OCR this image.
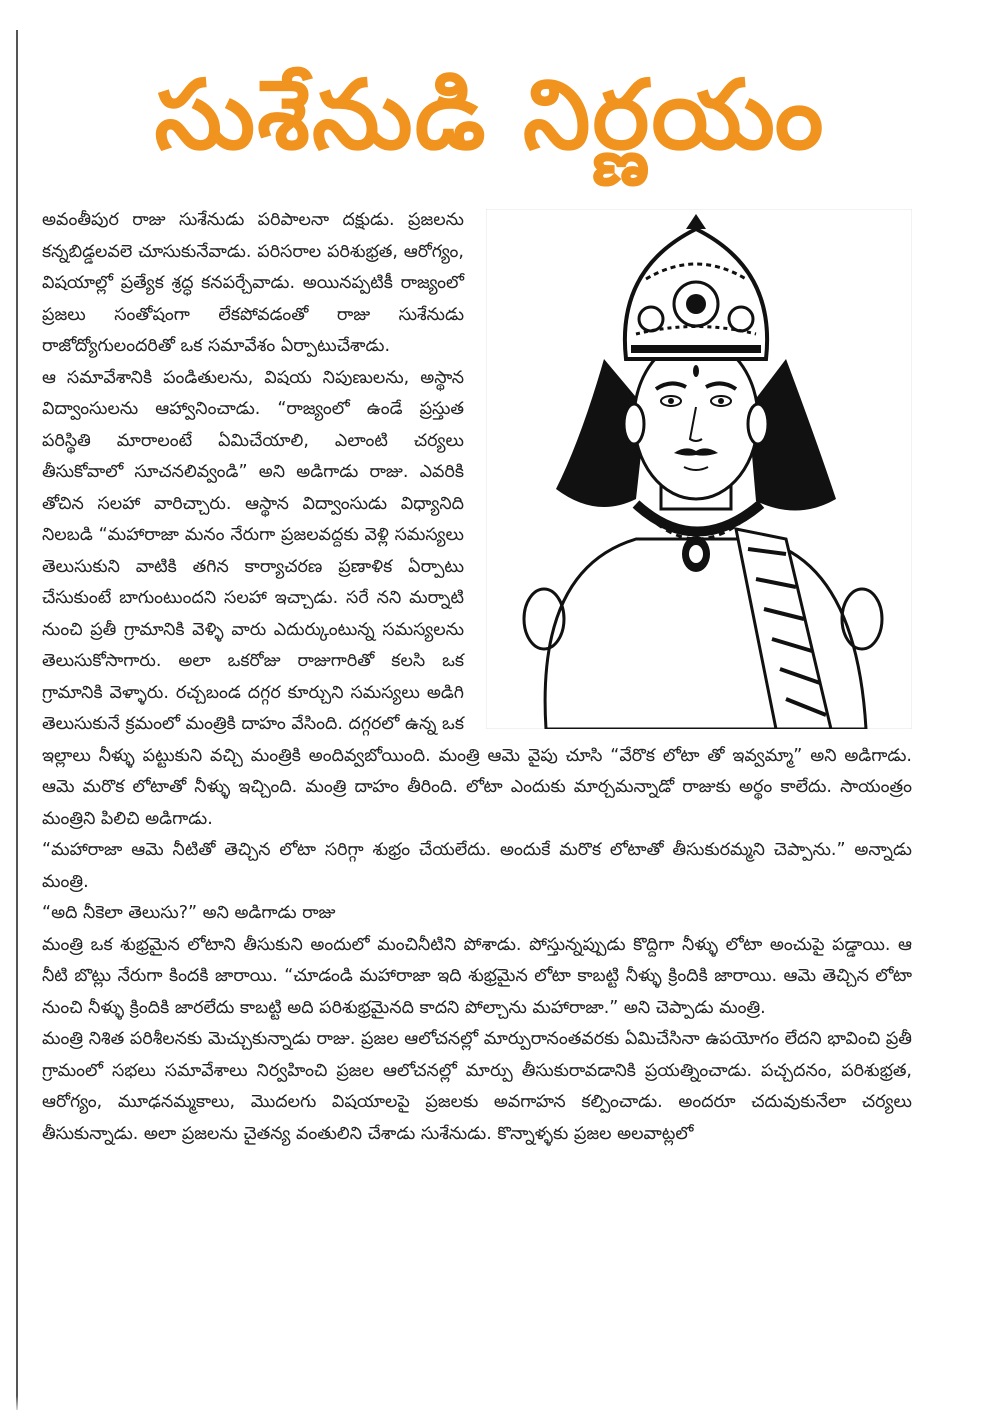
సుశేనుడి నిర్ణయం

అవంతీపుర రాజు సుశేనుడు పరిపాలనా దక్షుడు. ప్రజలను కన్నబిడ్డలవలె చూసుకునేవాడు. పరిసరాల పరిశుభ్రత, ఆరోగ్యం, విషయాల్లో ప్రత్యేక శ్రద్ధ కనపర్చేవాడు. అయినప్పటికీ రాజ్యంలో ప్రజలు సంతోషంగా లేకపోవడంతో రాజు సుశేనుడు రాజోద్యోగులందరితో ఒక సమావేశం ఏర్పాటుచేశాడు.

ఆ సమావేశానికి పండితులను, విషయ నిపుణులను, అస్థాన విద్వాంసులను ఆహ్వానించాడు. “రాజ్యంలో ఉండే ప్రస్తుత పరిస్థితి మారాలంటే ఏమిచేయాలి, ఎలాంటి చర్యలు తీసుకోవాలో సూచనలివ్వండి” అని అడిగాడు రాజు. ఎవరికి తోచిన సలహా వారిచ్చారు. ఆస్థాన విద్వాంసుడు విధ్యానిది నిలబడి “మహారాజా మనం నేరుగా ప్రజలవద్దకు వెళ్లి సమస్యలు తెలుసుకుని వాటికి తగిన కార్యాచరణ ప్రణాళిక ఏర్పాటు చేసుకుంటే బాగుంటుందని సలహా ఇచ్చాడు. సరే నని మర్నాటి నుంచి ప్రతీ గ్రామానికి వెళ్ళి వారు ఎదుర్కుంటున్న సమస్యలను తెలుసుకోసాగారు. అలా ఒకరోజు రాజుగారితో కలసి ఒక గ్రామానికి వెళ్ళారు. రచ్చబండ దగ్గర కూర్చుని సమస్యలు అడిగి తెలుసుకునే క్రమంలో మంత్రికి దాహం వేసింది. దగ్గరలో ఉన్న ఒక ఇల్లాలు నీళ్ళు పట్టుకుని వచ్చి మంత్రికి అందివ్వబోయింది. మంత్రి ఆమె వైపు చూసి “వేరొక లోటా తో ఇవ్వమ్మా” అని అడిగాడు. ఆమె మరొక లోటాతో నీళ్ళు ఇచ్చింది. మంత్రి దాహం తీరింది. లోటా ఎందుకు మార్చమన్నాడో రాజుకు అర్థం కాలేదు. సాయంత్రం మంత్రిని పిలిచి అడిగాడు.

“మహారాజా ఆమె నీటితో తెచ్చిన లోటా సరిగ్గా శుభ్రం చేయలేదు. అందుకే మరొక లోటాతో తీసుకురమ్మని చెప్పాను.” అన్నాడు మంత్రి.

“అది నీకెలా తెలుసు?” అని అడిగాడు రాజు

మంత్రి ఒక శుభ్రమైన లోటాని తీసుకుని అందులో మంచినీటిని పోశాడు. పోస్తున్నప్పుడు కొద్దిగా నీళ్ళు లోటా అంచుపై పడ్డాయి. ఆ నీటి బొట్లు నేరుగా కిందకి జారాయి. “చూడండి మహారాజా ఇది శుభ్రమైన లోటా కాబట్టి నీళ్ళు క్రిందికి జారాయి. ఆమె తెచ్చిన లోటా నుంచి నీళ్ళు క్రిందికి జారలేదు కాబట్టి అది పరిశుభ్రమైనది కాదని పోల్చాను మహారాజా.” అని చెప్పాడు మంత్రి.

మంత్రి నిశిత పరిశీలనకు మెచ్చుకున్నాడు రాజు. ప్రజల ఆలోచనల్లో మార్పురానంతవరకు ఏమిచేసినా ఉపయోగం లేదని భావించి ప్రతీ గ్రామంలో సభలు సమావేశాలు నిర్వహించి ప్రజల ఆలోచనల్లో మార్పు తీసుకురావడానికి ప్రయత్నించాడు. పచ్చదనం, పరిశుభ్రత, ఆరోగ్యం, మూఢనమ్మకాలు, మొదలగు విషయాలపై ప్రజలకు అవగాహన కల్పించాడు. అందరూ చదువుకునేలా చర్యలు తీసుకున్నాడు. అలా ప్రజలను చైతన్య వంతులిని చేశాడు సుశేనుడు. కొన్నాళ్ళకు ప్రజల అలవాట్లలో
